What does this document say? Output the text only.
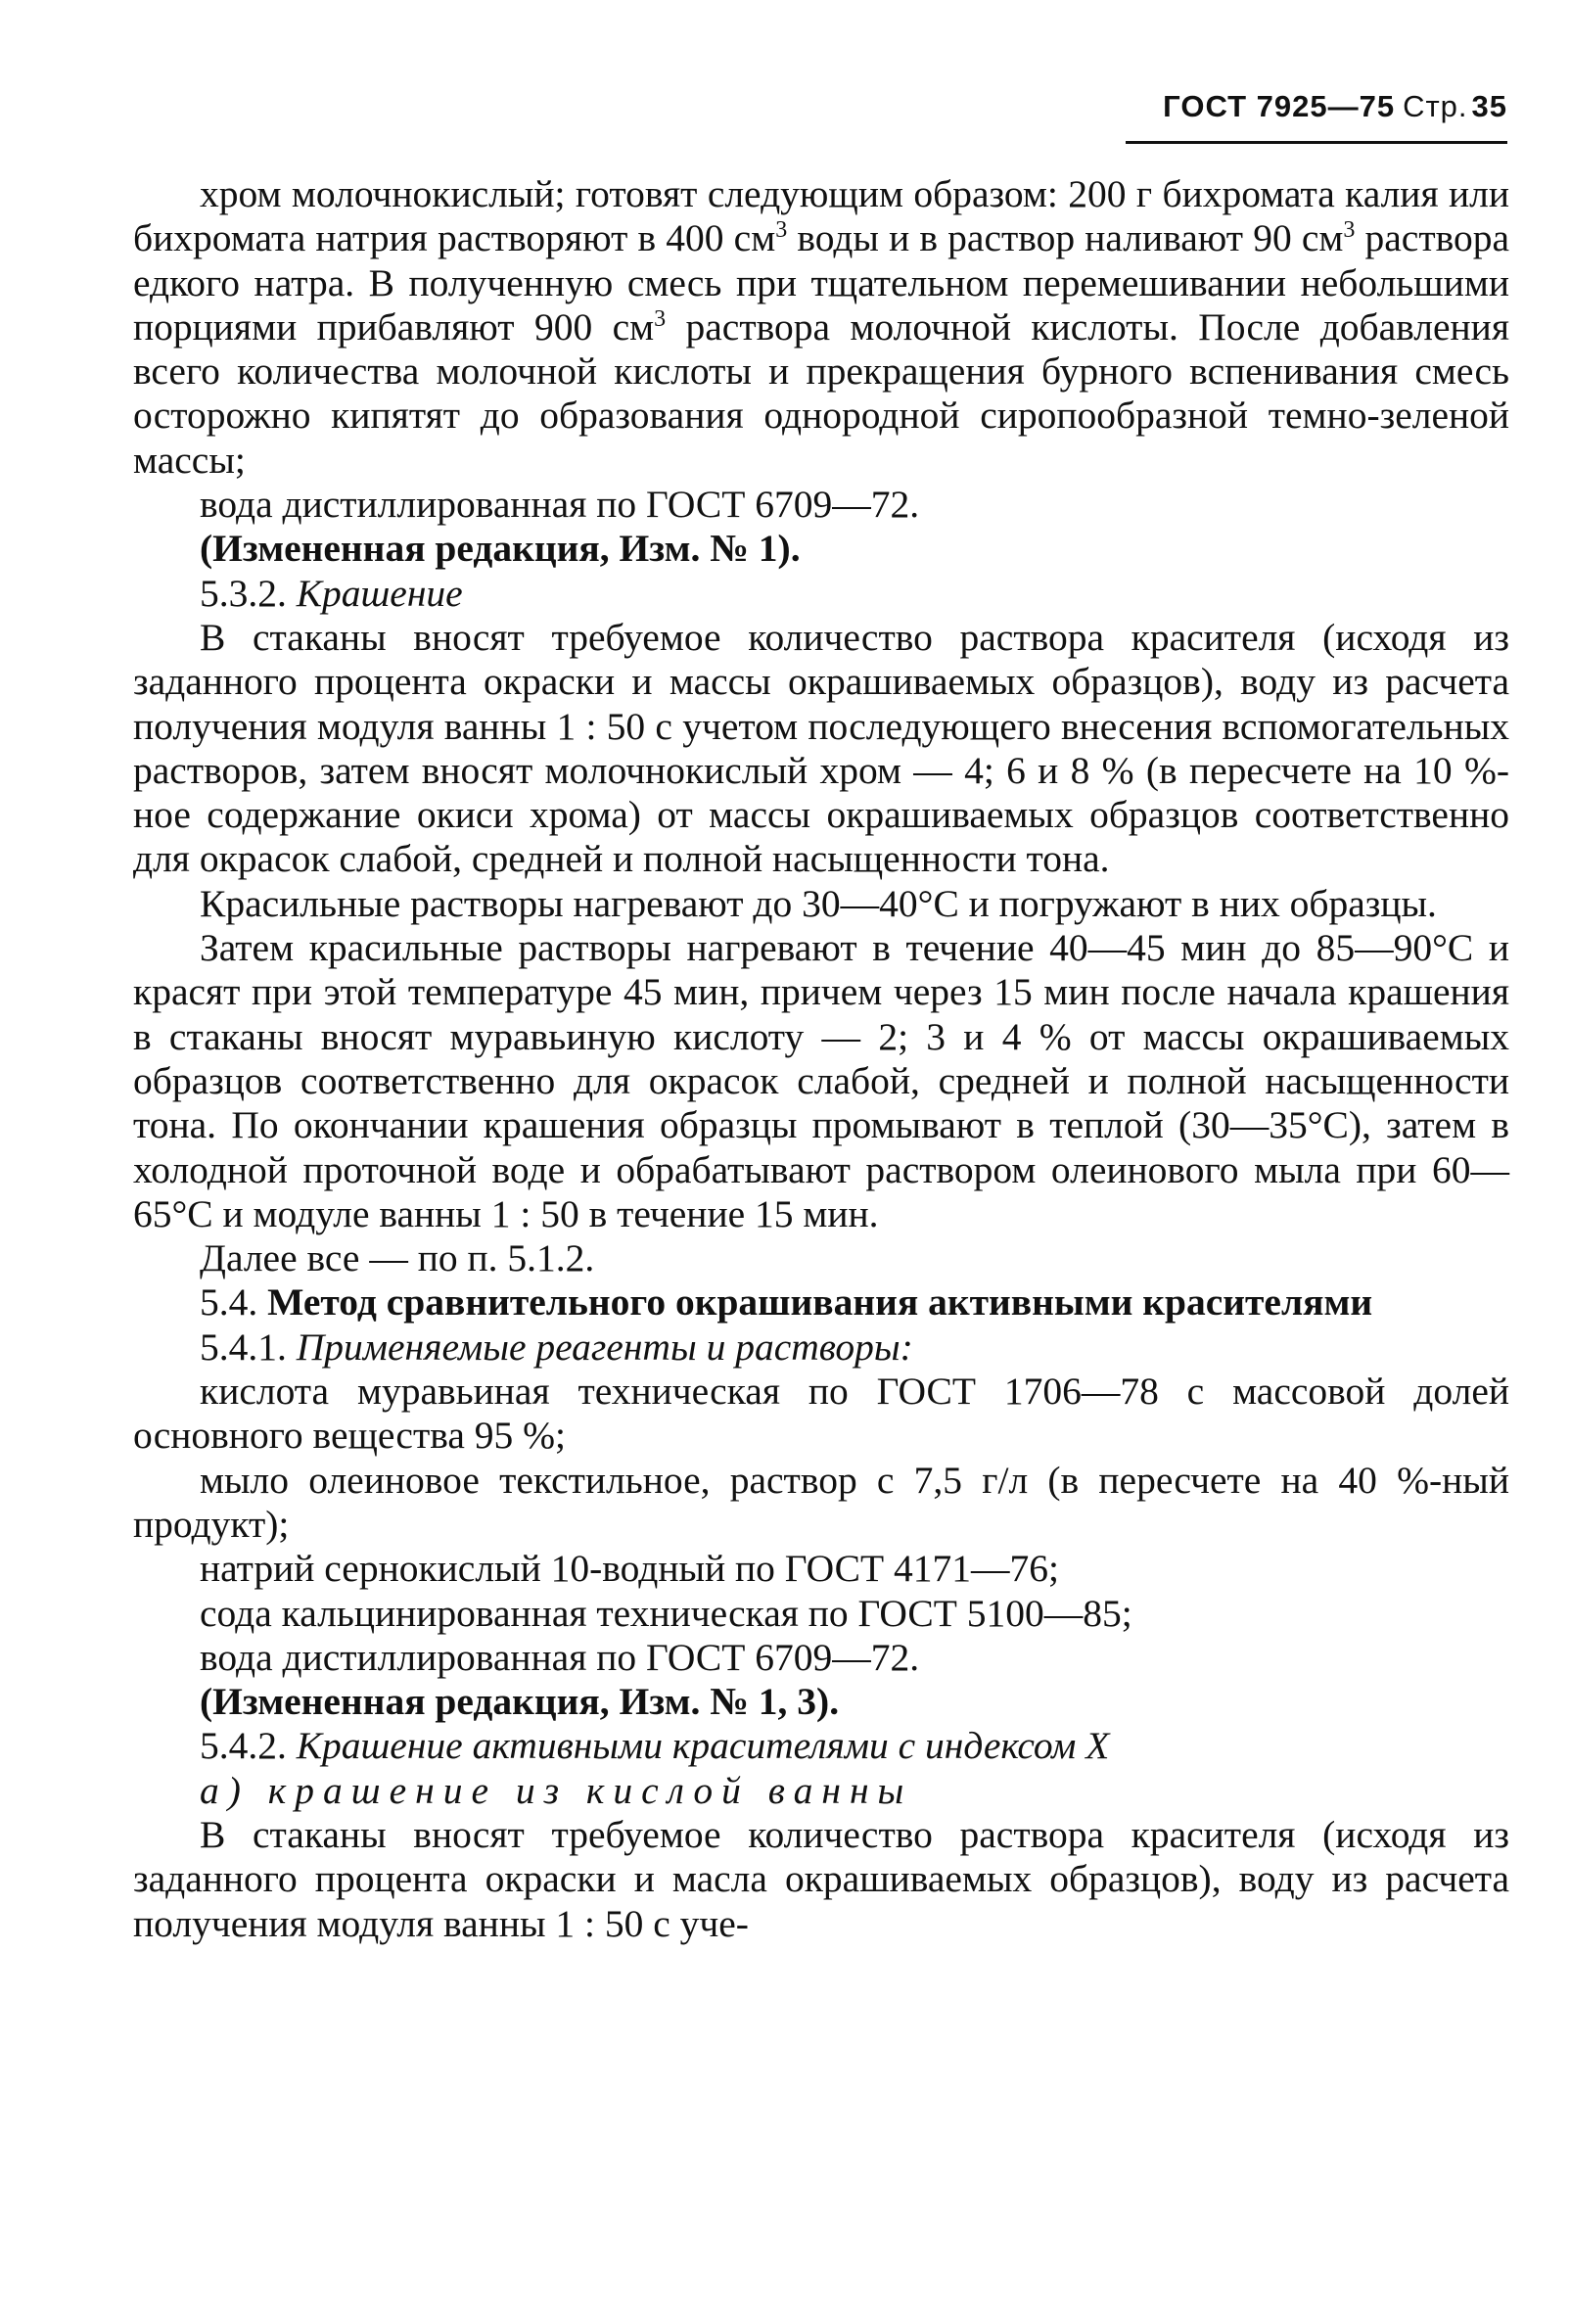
ГОСТ 7925—75 Стр. 35

хром молочнокислый; готовят следующим образом: 200 г бихромата калия или бихромата натрия растворяют в 400 $см^3$ воды и в раствор наливают 90 $см^3$ раствора едкого натра. В полученную смесь при тщательном перемешивании небольшими порциями прибавляют 900 $см^3$ раствора молочной кислоты. После добавления всего количества молочной кислоты и прекращения бурного вспенивания смесь осторожно кипятят до образования однородной сиропообразной темно-зеленой массы;

вода дистиллированная по ГОСТ 6709—72.

(Измененная редакция, Изм. № 1).

5.3.2. Крашение

В стаканы вносят требуемое количество раствора красителя (исходя из заданного процента окраски и массы окрашиваемых образцов), воду из расчета получения модуля ванны 1 : 50 с учетом последующего внесения вспомогательных растворов, затем вносят молочнокислый хром — 4; 6 и 8 % (в пересчете на 10 %-ное содержание окиси хрома) от массы окрашиваемых образцов соответственно для окрасок слабой, средней и полной насыщенности тона.

Красильные растворы нагревают до 30—40°С и погружают в них образцы.

Затем красильные растворы нагревают в течение 40—45 мин до 85—90°С и красят при этой температуре 45 мин, причем через 15 мин после начала крашения в стаканы вносят муравьиную кислоту — 2; 3 и 4 % от массы окрашиваемых образцов соответственно для окрасок слабой, средней и полной насыщенности тона. По окончании крашения образцы промывают в теплой (30—35°С), затем в холодной проточной воде и обрабатывают раствором олеинового мыла при 60—65°С и модуле ванны 1 : 50 в течение 15 мин.

Далее все — по п. 5.1.2.

5.4. Метод сравнительного окрашивания активными красителями

5.4.1. Применяемые реагенты и растворы:

кислота муравьиная техническая по ГОСТ 1706—78 с массовой долей основного вещества 95 %;

мыло олеиновое текстильное, раствор с 7,5 г/л (в пересчете на 40 %-ный продукт);

натрий сернокислый 10-водный по ГОСТ 4171—76;

сода кальцинированная техническая по ГОСТ 5100—85;

вода дистиллированная по ГОСТ 6709—72.

(Измененная редакция, Изм. № 1, 3).

5.4.2. Крашение активными красителями с индексом Х

а) крашение из кислой ванны

В стаканы вносят требуемое количество раствора красителя (исходя из заданного процента окраски и масла окрашиваемых образцов), воду из расчета получения модуля ванны 1 : 50 с уче-
